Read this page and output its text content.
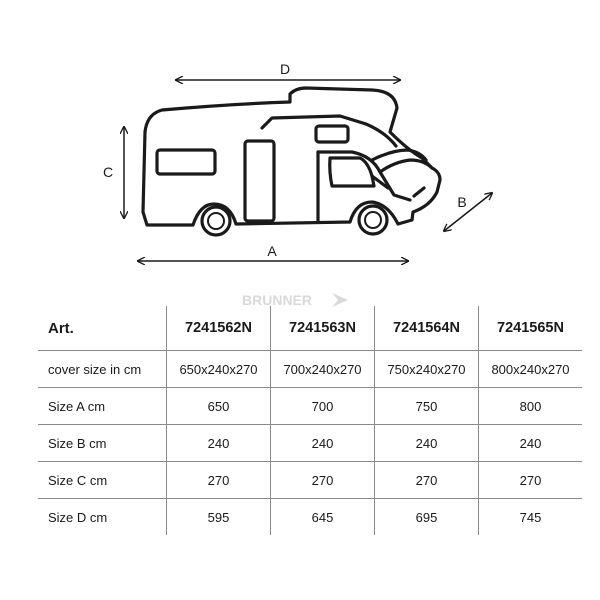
D
C
A
B
BRUNNER
Art.	7241562N	7241563N	7241564N	7241565N
cover size in cm	650x240x270	700x240x270	750x240x270	800x240x270
Size A cm	650	700	750	800
Size B cm	240	240	240	240
Size C cm	270	270	270	270
Size D cm	595	645	695	745
